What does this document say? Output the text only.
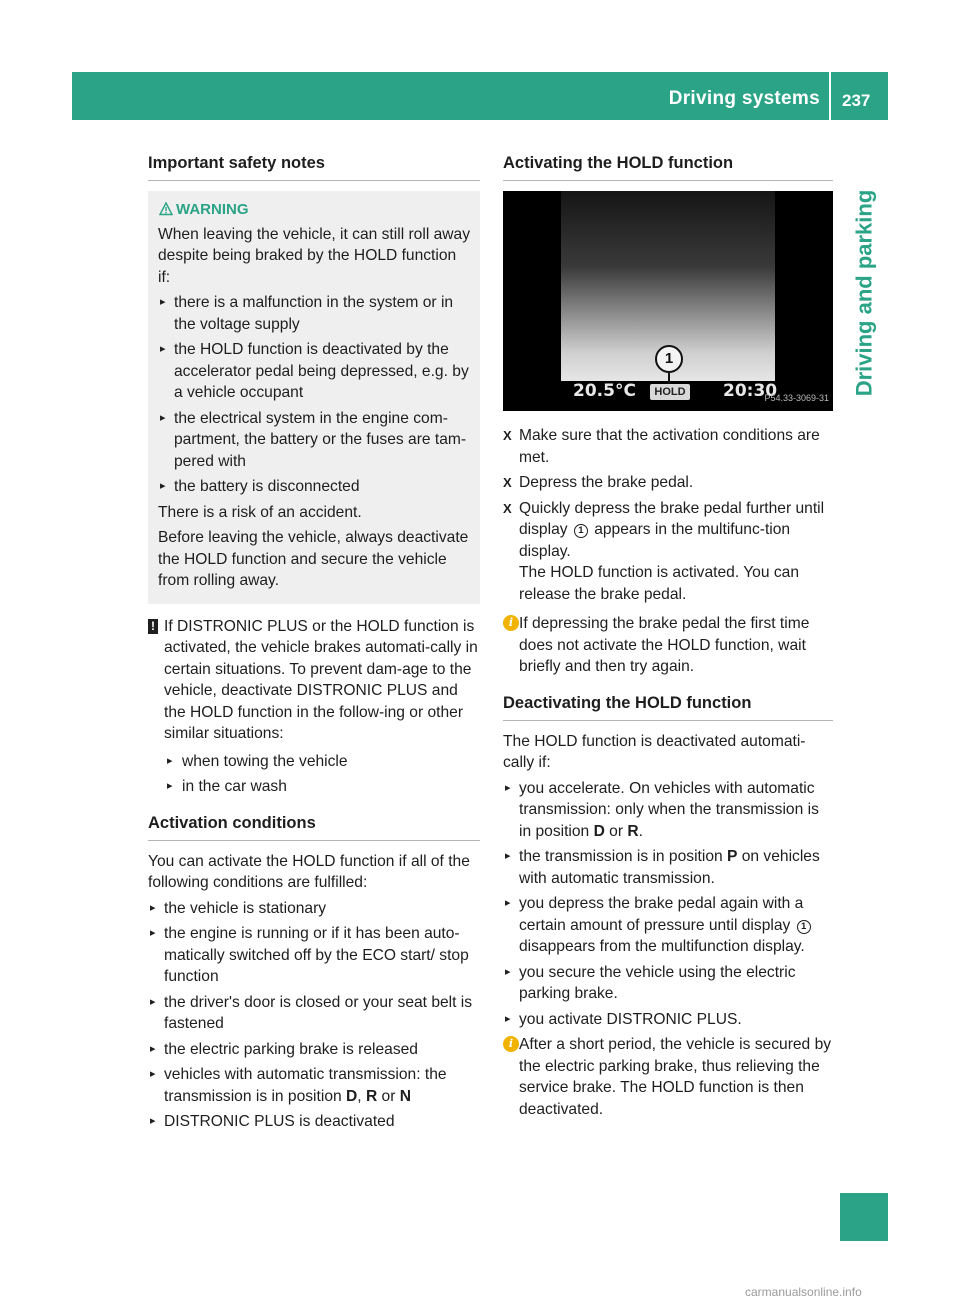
Driving systems 237
Driving and parking
Important safety notes
WARNING

When leaving the vehicle, it can still roll away despite being braked by the HOLD function if:

▸ there is a malfunction in the system or in the voltage supply
▸ the HOLD function is deactivated by the accelerator pedal being depressed, e.g. by a vehicle occupant
▸ the electrical system in the engine com-partment, the battery or the fuses are tam-pered with
▸ the battery is disconnected

There is a risk of an accident.

Before leaving the vehicle, always deactivate the HOLD function and secure the vehicle from rolling away.

! If DISTRONIC PLUS or the HOLD function is activated, the vehicle brakes automati-cally in certain situations. To prevent dam-age to the vehicle, deactivate DISTRONIC PLUS and the HOLD function in the follow-ing or other similar situations:

▸ when towing the vehicle
▸ in the car wash
Activation conditions

You can activate the HOLD function if all of the following conditions are fulfilled:

▸ the vehicle is stationary
▸ the engine is running or if it has been auto-matically switched off by the ECO start/ stop function
▸ the driver's door is closed or your seat belt is fastened
▸ the electric parking brake is released
▸ vehicles with automatic transmission: the transmission is in position D, R or N
▸ DISTRONIC PLUS is deactivated
Activating the HOLD function
1
20.5°C	HOLD 20:30
P54.33-3069-31
X Make sure that the activation conditions are met.
X Depress the brake pedal.
X Quickly depress the brake pedal further until display 1 appears in the multifunc-tion display.
The HOLD function is activated. You can release the brake pedal.
i If depressing the brake pedal the first time does not activate the HOLD function, wait briefly and then try again.

Deactivating the HOLD function

The HOLD function is deactivated automati-cally if:

▸ you accelerate. On vehicles with automatic transmission: only when the transmission is in position D or R.
▸ the transmission is in position P on vehicles with automatic transmission.
▸ you depress the brake pedal again with a certain amount of pressure until display 1 disappears from the multifunction display.
▸ you secure the vehicle using the electric parking brake.
▸ you activate DISTRONIC PLUS.
i After a short period, the vehicle is secured by the electric parking brake, thus relieving the service brake. The HOLD function is then deactivated.

carmanualsonline.info
